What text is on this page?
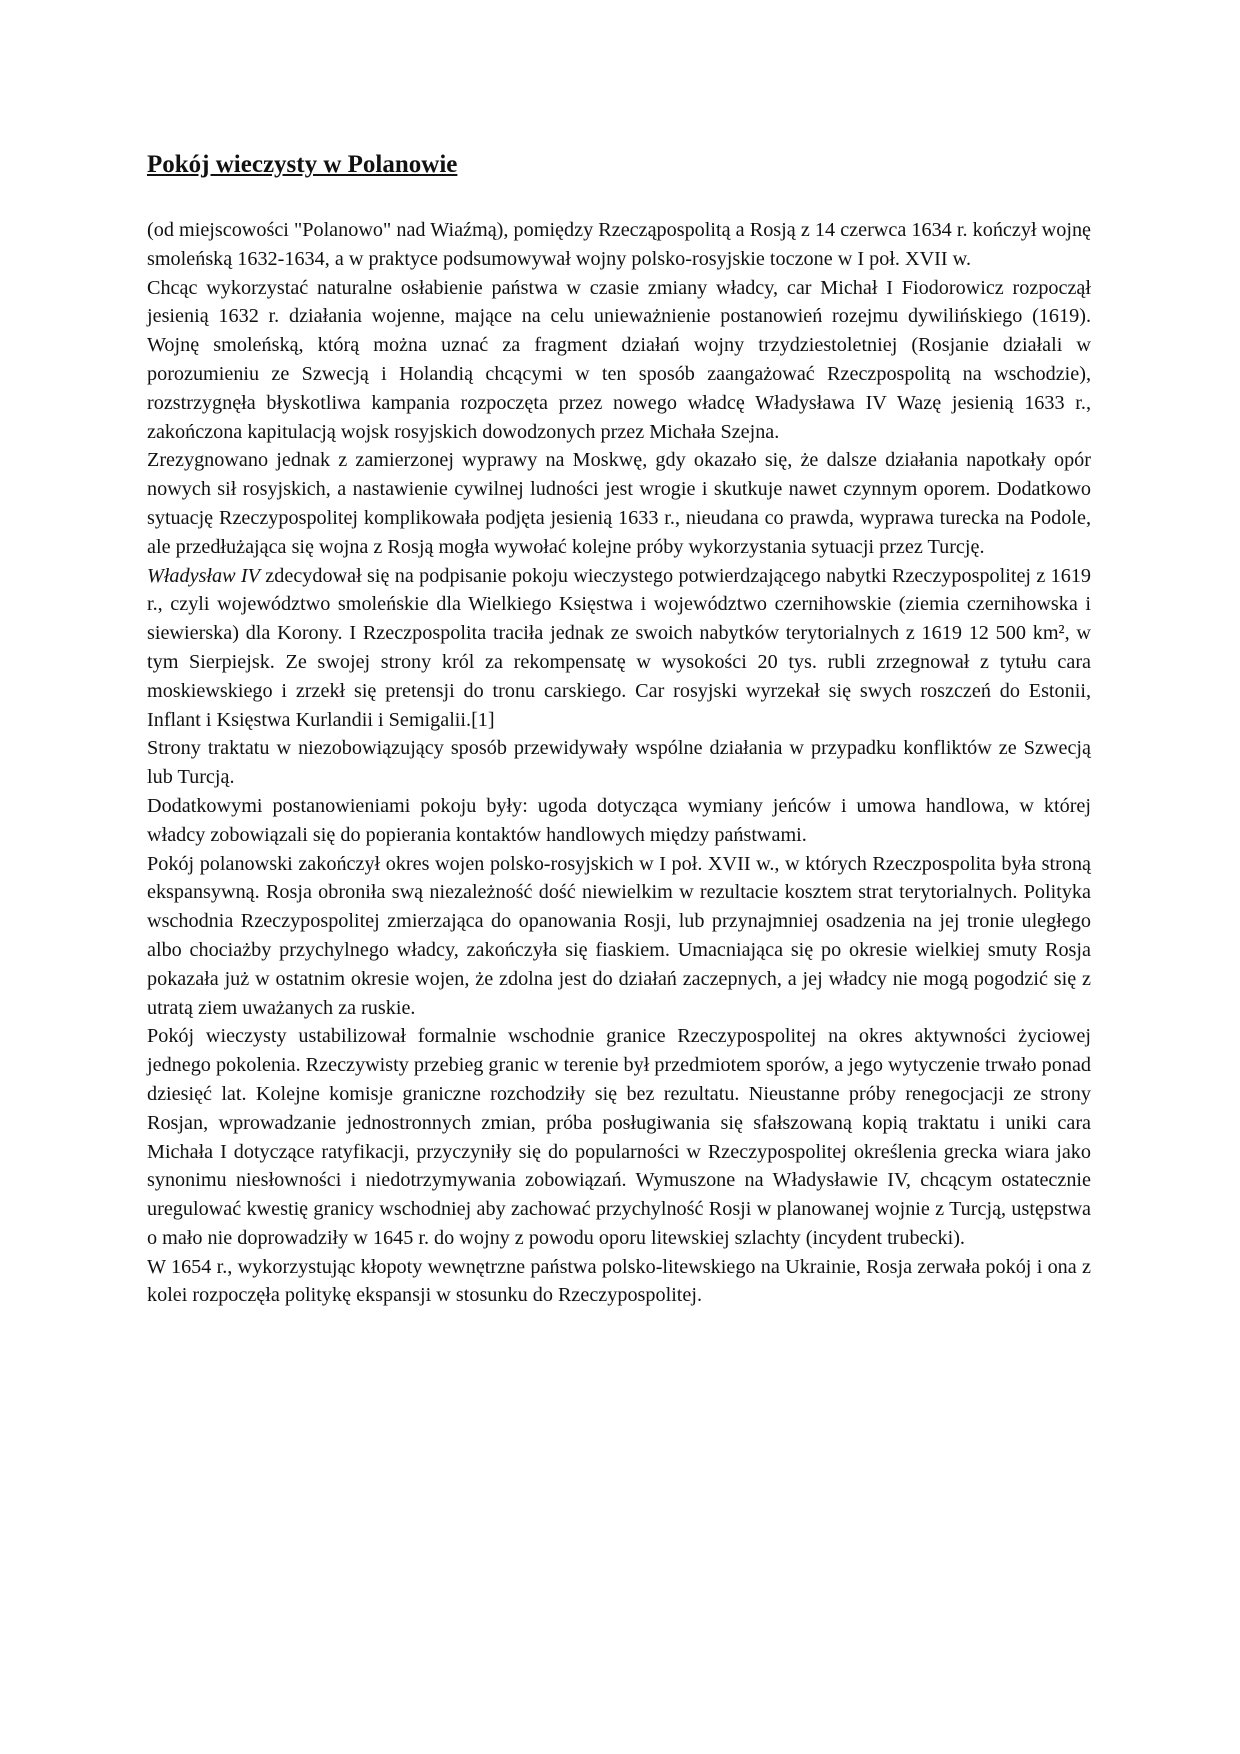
Pokój wieczysty w Polanowie

(od miejscowości "Polanowo" nad Wiaźmą), pomiędzy Rzecząpospolitą a Rosją z 14 czerwca 1634 r. kończył wojnę smoleńską 1632-1634, a w praktyce podsumowywał wojny polsko-rosyjskie toczone w I poł. XVII w.

Chcąc wykorzystać naturalne osłabienie państwa w czasie zmiany władcy, car Michał I Fiodorowicz rozpoczął jesienią 1632 r. działania wojenne, mające na celu unieważnienie postanowień rozejmu dywilińskiego (1619). Wojnę smoleńską, którą można uznać za fragment działań wojny trzydziestoletniej (Rosjanie działali w porozumieniu ze Szwecją i Holandią chcącymi w ten sposób zaangażować Rzeczpospolitą na wschodzie), rozstrzygnęła błyskotliwa kampania rozpoczęta przez nowego władcę Władysława IV Wazę jesienią 1633 r., zakończona kapitulacją wojsk rosyjskich dowodzonych przez Michała Szejna.

Zrezygnowano jednak z zamierzonej wyprawy na Moskwę, gdy okazało się, że dalsze działania napotkały opór nowych sił rosyjskich, a nastawienie cywilnej ludności jest wrogie i skutkuje nawet czynnym oporem. Dodatkowo sytuację Rzeczypospolitej komplikowała podjęta jesienią 1633 r., nieudana co prawda, wyprawa turecka na Podole, ale przedłużająca się wojna z Rosją mogła wywołać kolejne próby wykorzystania sytuacji przez Turcję.

Władysław IV zdecydował się na podpisanie pokoju wieczystego potwierdzającego nabytki Rzeczypospolitej z 1619 r., czyli województwo smoleńskie dla Wielkiego Księstwa i województwo czernihowskie (ziemia czernihowska i siewierska) dla Korony. I Rzeczpospolita traciła jednak ze swoich nabytków terytorialnych z 1619 12 500 km², w tym Sierpiejsk. Ze swojej strony król za rekompensatę w wysokości 20 tys. rubli zrzegnował z tytułu cara moskiewskiego i zrzekł się pretensji do tronu carskiego. Car rosyjski wyrzekał się swych roszczeń do Estonii, Inflant i Księstwa Kurlandii i Semigalii.[1]

Strony traktatu w niezobowiązujący sposób przewidywały wspólne działania w przypadku konfliktów ze Szwecją lub Turcją.

Dodatkowymi postanowieniami pokoju były: ugoda dotycząca wymiany jeńców i umowa handlowa, w której władcy zobowiązali się do popierania kontaktów handlowych między państwami.

Pokój polanowski zakończył okres wojen polsko-rosyjskich w I poł. XVII w., w których Rzeczpospolita była stroną ekspansywną. Rosja obroniła swą niezależność dość niewielkim w rezultacie kosztem strat terytorialnych. Polityka wschodnia Rzeczypospolitej zmierzająca do opanowania Rosji, lub przynajmniej osadzenia na jej tronie uległego albo chociażby przychylnego władcy, zakończyła się fiaskiem. Umacniająca się po okresie wielkiej smuty Rosja pokazała już w ostatnim okresie wojen, że zdolna jest do działań zaczepnych, a jej władcy nie mogą pogodzić się z utratą ziem uważanych za ruskie.

Pokój wieczysty ustabilizował formalnie wschodnie granice Rzeczypospolitej na okres aktywności życiowej jednego pokolenia. Rzeczywisty przebieg granic w terenie był przedmiotem sporów, a jego wytyczenie trwało ponad dziesięć lat. Kolejne komisje graniczne rozchodziły się bez rezultatu. Nieustanne próby renegocjacji ze strony Rosjan, wprowadzanie jednostronnych zmian, próba posługiwania się sfałszowaną kopią traktatu i uniki cara Michała I dotyczące ratyfikacji, przyczyniły się do popularności w Rzeczypospolitej określenia grecka wiara jako synonimu niesłowności i niedotrzymywania zobowiązań. Wymuszone na Władysławie IV, chcącym ostatecznie uregulować kwestię granicy wschodniej aby zachować przychylność Rosji w planowanej wojnie z Turcją, ustępstwa o mało nie doprowadziły w 1645 r. do wojny z powodu oporu litewskiej szlachty (incydent trubecki).

W 1654 r., wykorzystując kłopoty wewnętrzne państwa polsko-litewskiego na Ukrainie, Rosja zerwała pokój i ona z kolei rozpoczęła politykę ekspansji w stosunku do Rzeczypospolitej.
